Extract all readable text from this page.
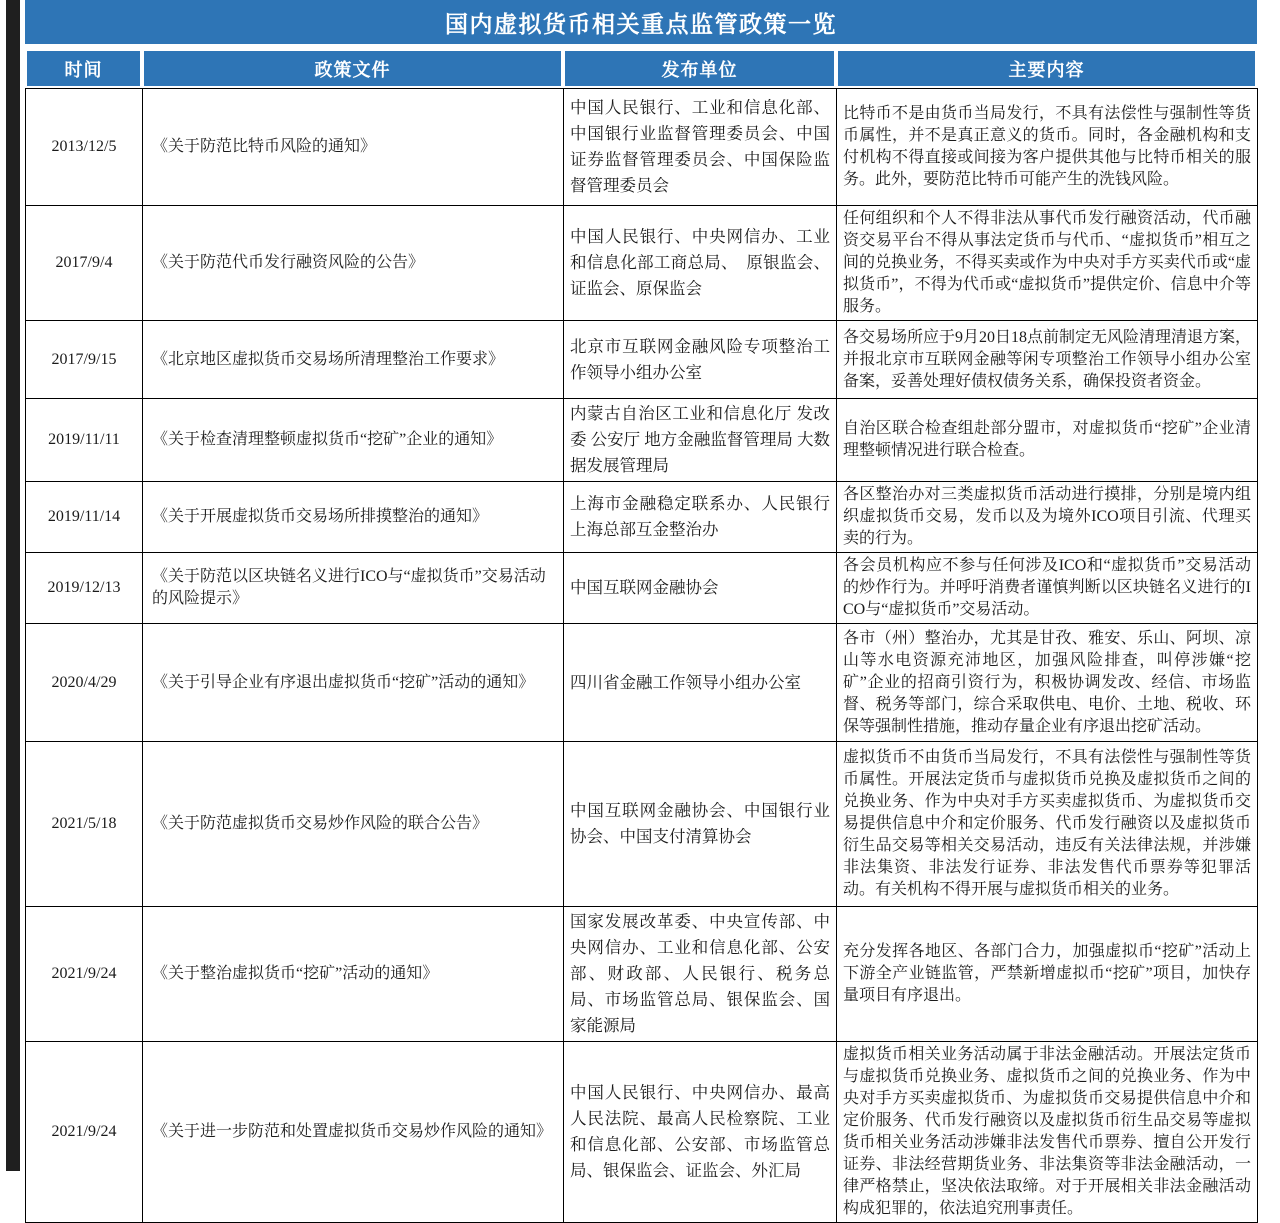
国内虚拟货币相关重点监管政策一览
时间	政策文件	发布单位	主要内容
2013/12/5	《关于防范比特币风险的通知》	中国人民银行、工业和信息化部、中国银行业监督管理委员会、中国证券监督管理委员会、中国保险监督管理委员会	比特币不是由货币当局发行，不具有法偿性与强制性等货币属性，并不是真正意义的货币。同时，各金融机构和支付机构不得直接或间接为客户提供其他与比特币相关的服务。此外，要防范比特币可能产生的洗钱风险。
2017/9/4	《关于防范代币发行融资风险的公告》	中国人民银行、中央网信办、工业和信息化部工商总局、　原银监会、证监会、原保监会	任何组织和个人不得非法从事代币发行融资活动，代币融资交易平台不得从事法定货币与代币、“虚拟货币”相互之间的兑换业务，不得买卖或作为中央对手方买卖代币或“虚拟货币”，不得为代币或“虚拟货币”提供定价、信息中介等服务。
2017/9/15	《北京地区虚拟货币交易场所清理整治工作要求》	北京市互联网金融风险专项整治工作领导小组办公室	各交易场所应于9月20日18点前制定无风险清理清退方案，并报北京市互联网金融等闲专项整治工作领导小组办公室备案，妥善处理好债权债务关系，确保投资者资金。
2019/11/11	《关于检查清理整顿虚拟货币“挖矿”企业的通知》	内蒙古自治区工业和信息化厅 发改委 公安厅 地方金融监督管理局 大数据发展管理局	自治区联合检查组赴部分盟市，对虚拟货币“挖矿”企业清理整顿情况进行联合检查。
2019/11/14	《关于开展虚拟货币交易场所排摸整治的通知》	上海市金融稳定联系办、人民银行上海总部互金整治办	各区整治办对三类虚拟货币活动进行摸排，分别是境内组织虚拟货币交易，发币以及为境外ICO项目引流、代理买卖的行为。
2019/12/13	《关于防范以区块链名义进行ICO与“虚拟货币”交易活动的风险提示》	中国互联网金融协会	各会员机构应不参与任何涉及ICO和“虚拟货币”交易活动的炒作行为。并呼吁消费者谨慎判断以区块链名义进行的ICO与“虚拟货币”交易活动。
2020/4/29	《关于引导企业有序退出虚拟货币“挖矿”活动的通知》	四川省金融工作领导小组办公室	各市（州）整治办，尤其是甘孜、雅安、乐山、阿坝、凉山等水电资源充沛地区，加强风险排查，叫停涉嫌“挖矿”企业的招商引资行为，积极协调发改、经信、市场监督、税务等部门，综合采取供电、电价、土地、税收、环保等强制性措施，推动存量企业有序退出挖矿活动。
2021/5/18	《关于防范虚拟货币交易炒作风险的联合公告》	中国互联网金融协会、中国银行业协会、中国支付清算协会	虚拟货币不由货币当局发行，不具有法偿性与强制性等货币属性。开展法定货币与虚拟货币兑换及虚拟货币之间的兑换业务、作为中央对手方买卖虚拟货币、为虚拟货币交易提供信息中介和定价服务、代币发行融资以及虚拟货币衍生品交易等相关交易活动，违反有关法律法规，并涉嫌非法集资、非法发行证券、非法发售代币票券等犯罪活动。有关机构不得开展与虚拟货币相关的业务。
2021/9/24	《关于整治虚拟货币“挖矿”活动的通知》	国家发展改革委、中央宣传部、中央网信办、工业和信息化部、公安部、财政部、人民银行、税务总局、市场监管总局、银保监会、国家能源局	充分发挥各地区、各部门合力，加强虚拟币“挖矿”活动上下游全产业链监管，严禁新增虚拟币“挖矿”项目，加快存量项目有序退出。
2021/9/24	《关于进一步防范和处置虚拟货币交易炒作风险的通知》	中国人民银行、中央网信办、最高人民法院、最高人民检察院、工业和信息化部、公安部、市场监管总局、银保监会、证监会、外汇局	虚拟货币相关业务活动属于非法金融活动。开展法定货币与虚拟货币兑换业务、虚拟货币之间的兑换业务、作为中央对手方买卖虚拟货币、为虚拟货币交易提供信息中介和定价服务、代币发行融资以及虚拟货币衍生品交易等虚拟货币相关业务活动涉嫌非法发售代币票券、擅自公开发行证券、非法经营期货业务、非法集资等非法金融活动，一律严格禁止，坚决依法取缔。对于开展相关非法金融活动构成犯罪的，依法追究刑事责任。
